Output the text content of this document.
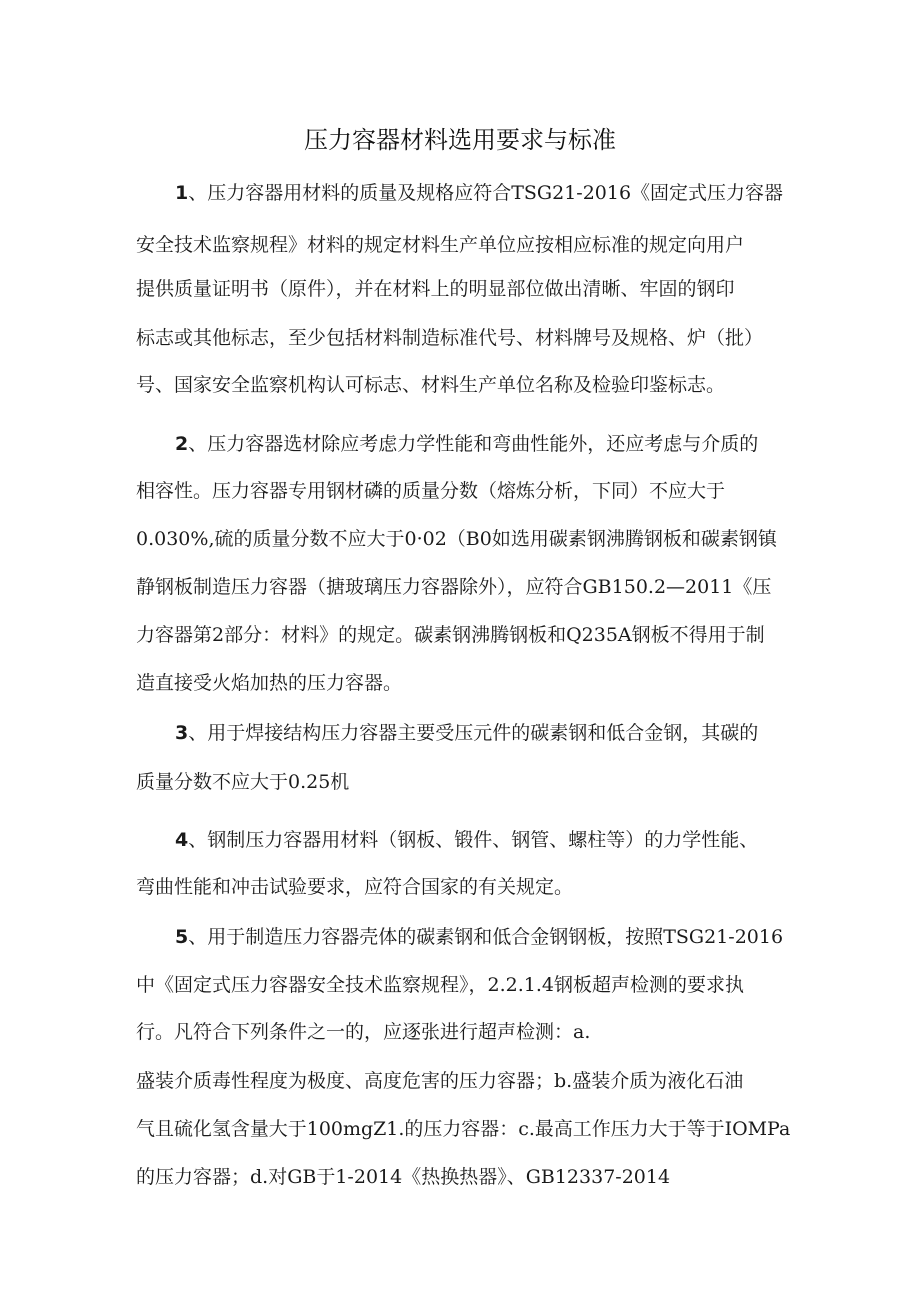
压力容器材料选用要求与标准
1、压力容器用材料的质量及规格应符合TSG21-2016《固定式压力容器
安全技术监察规程》材料的规定材料生产单位应按相应标准的规定向用户
提供质量证明书（原件），并在材料上的明显部位做出清晰、牢固的钢印
标志或其他标志，至少包括材料制造标准代号、材料牌号及规格、炉（批）
号、国家安全监察机构认可标志、材料生产单位名称及检验印鉴标志。
2、压力容器选材除应考虑力学性能和弯曲性能外，还应考虑与介质的
相容性。压力容器专用钢材磷的质量分数（熔炼分析，下同）不应大于
0.030%,硫的质量分数不应大于0·02（B0如选用碳素钢沸腾钢板和碳素钢镇
静钢板制造压力容器（搪玻璃压力容器除外），应符合GB150.2—2011《压
力容器第2部分：材料》的规定。碳素钢沸腾钢板和Q235A钢板不得用于制
造直接受火焰加热的压力容器。
3、用于焊接结构压力容器主要受压元件的碳素钢和低合金钢，其碳的
质量分数不应大于0.25机
4、钢制压力容器用材料（钢板、锻件、钢管、螺柱等）的力学性能、
弯曲性能和冲击试验要求，应符合国家的有关规定。
5、用于制造压力容器壳体的碳素钢和低合金钢钢板，按照TSG21-2016
中《固定式压力容器安全技术监察规程》，2.2.1.4钢板超声检测的要求执
行。凡符合下列条件之一的，应逐张进行超声检测：a.
盛装介质毒性程度为极度、高度危害的压力容器；b.盛装介质为液化石油
气且硫化氢含量大于100mgZ1.的压力容器：c.最高工作压力大于等于IOMPa
的压力容器；d.对GB于1-2014《热换热器》、GB12337-2014
